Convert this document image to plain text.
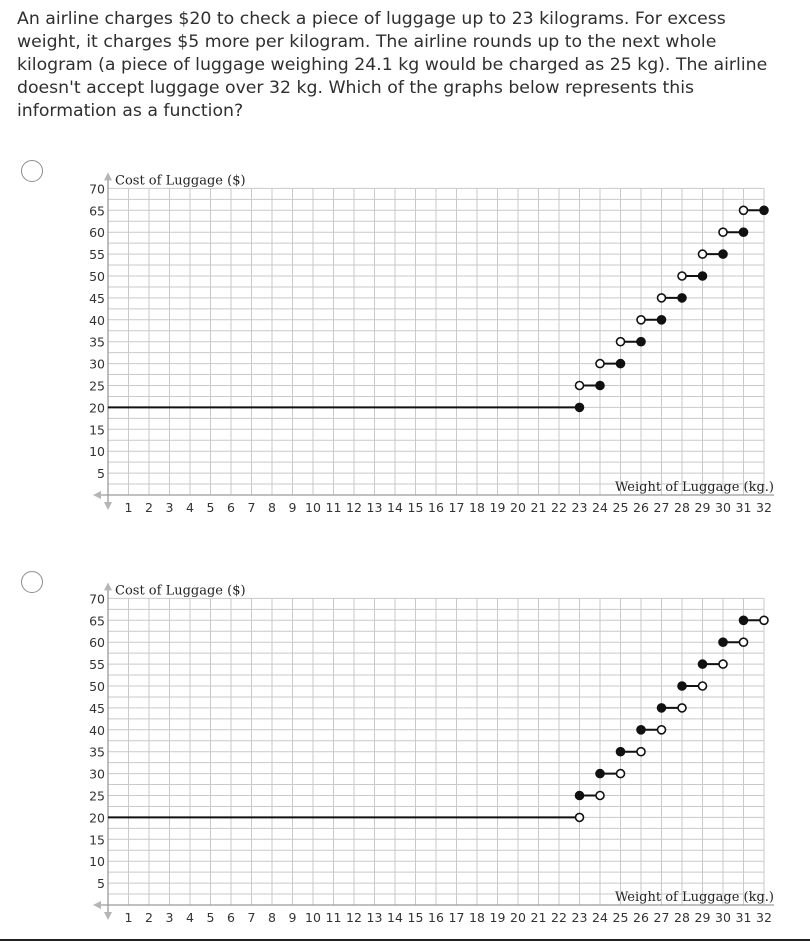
An airline charges $20 to check a piece of luggage up to 23 kilograms. For excess weight, it charges $5 more per kilogram. The airline rounds up to the next whole kilogram (a piece of luggage weighing 24.1 kg would be charged as 25 kg). The airline doesn't accept luggage over 32 kg. Which of the graphs below represents this information as a function?

5
10
15
20
25
30
35
40
45
50
55
60
65
70
1 2 3 4 5 6 7 8 9 10 11 12 13 14 15 16 17 18 19 20 21 22 23 24 25 26 27 28 29 30 31 32
Cost of Luggage ($)
Weight of Luggage (kg.)
5
10
15
20
25
30
35
40
45
50
55
60
65
70
1 2 3 4 5 6 7 8 9 10 11 12 13 14 15 16 17 18 19 20 21 22 23 24 25 26 27 28 29 30 31 32
Cost of Luggage ($)
Weight of Luggage (kg.)
